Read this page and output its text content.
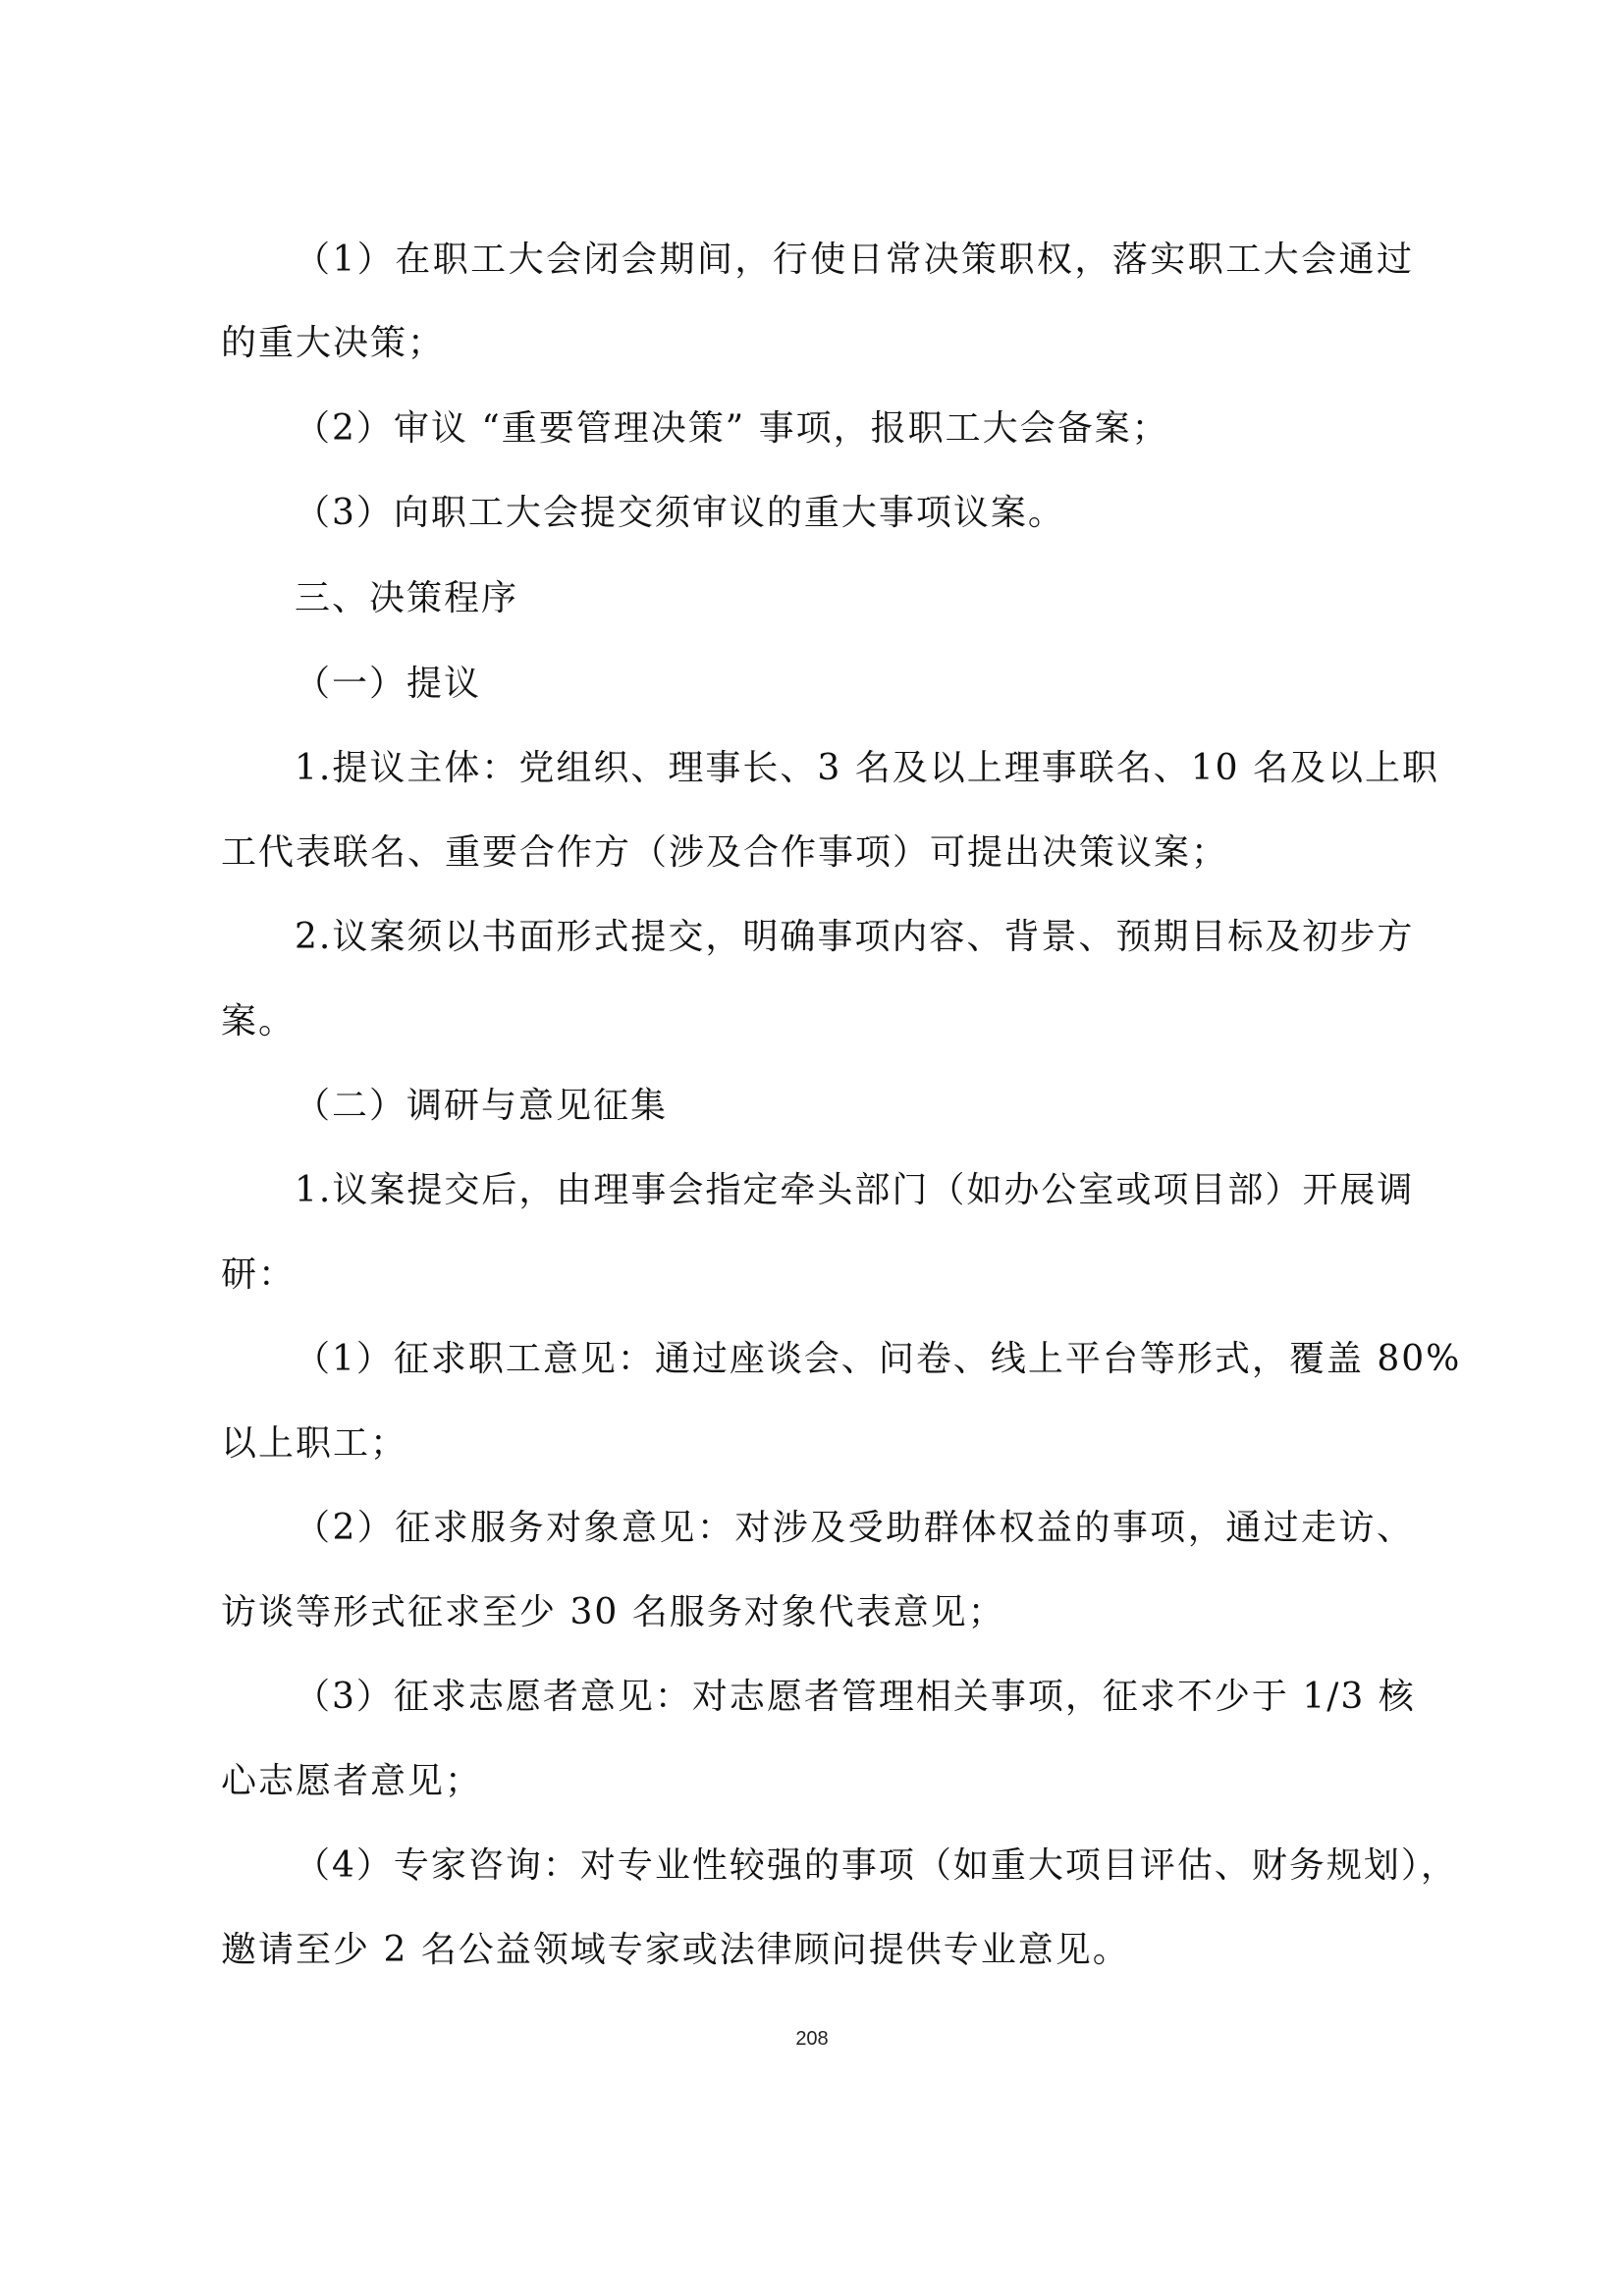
（1）在职工大会闭会期间，行使日常决策职权，落实职工大会通过
的重大决策；
（2）审议 “重要管理决策” 事项，报职工大会备案；
（3）向职工大会提交须审议的重大事项议案。
三、决策程序
（一）提议
1.提议主体：党组织、理事长、3 名及以上理事联名、10 名及以上职
工代表联名、重要合作方（涉及合作事项）可提出决策议案；
2.议案须以书面形式提交，明确事项内容、背景、预期目标及初步方
案。
（二）调研与意见征集
1.议案提交后，由理事会指定牵头部门（如办公室或项目部）开展调
研：
（1）征求职工意见：通过座谈会、问卷、线上平台等形式，覆盖 80%
以上职工；
（2）征求服务对象意见：对涉及受助群体权益的事项，通过走访、
访谈等形式征求至少 30 名服务对象代表意见；
（3）征求志愿者意见：对志愿者管理相关事项，征求不少于 1/3 核
心志愿者意见；
（4）专家咨询：对专业性较强的事项（如重大项目评估、财务规划），
邀请至少 2 名公益领域专家或法律顾问提供专业意见。
208
